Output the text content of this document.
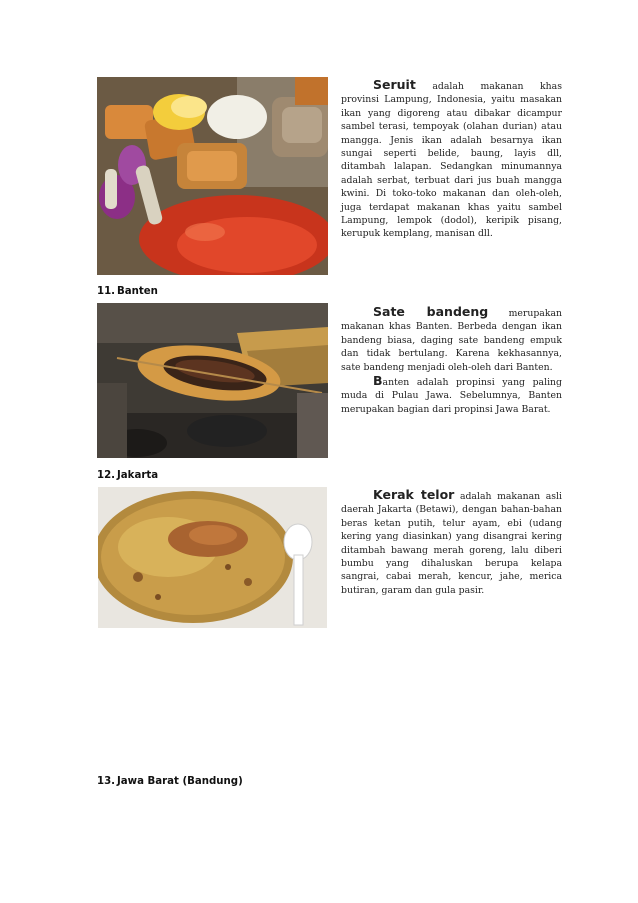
Seruit adalah makanan khas provinsi Lampung, Indonesia, yaitu masakan ikan yang digoreng atau dibakar dicampur sambel terasi, tempoyak (olahan durian) atau mangga. Jenis ikan adalah besarnya ikan sungai seperti belide, baung, layis dll, ditambah lalapan. Sedangkan minumannya adalah serbat, terbuat dari jus buah mangga kwini. Di toko-toko makanan dan oleh-oleh, juga terdapat makanan khas yaitu sambel Lampung, lempok (dodol), keripik pisang, kerupuk kemplang, manisan dll.

11. Banten

Sate bandeng merupakan makanan khas Banten. Berbeda dengan ikan bandeng biasa, daging sate bandeng empuk dan tidak bertulang. Karena kekhasannya, sate bandeng menjadi oleh-oleh dari Banten.

Banten adalah propinsi yang paling muda di Pulau Jawa. Sebelumnya, Banten merupakan bagian dari propinsi Jawa Barat.

12. Jakarta

Kerak telor adalah makanan asli daerah Jakarta (Betawi), dengan bahan-bahan beras ketan putih, telur ayam, ebi (udang kering yang diasinkan) yang disangrai kering ditambah bawang merah goreng, lalu diberi bumbu yang dihaluskan berupa kelapa sangrai, cabai merah, kencur, jahe, merica butiran, garam dan gula pasir.

13. Jawa Barat (Bandung)
